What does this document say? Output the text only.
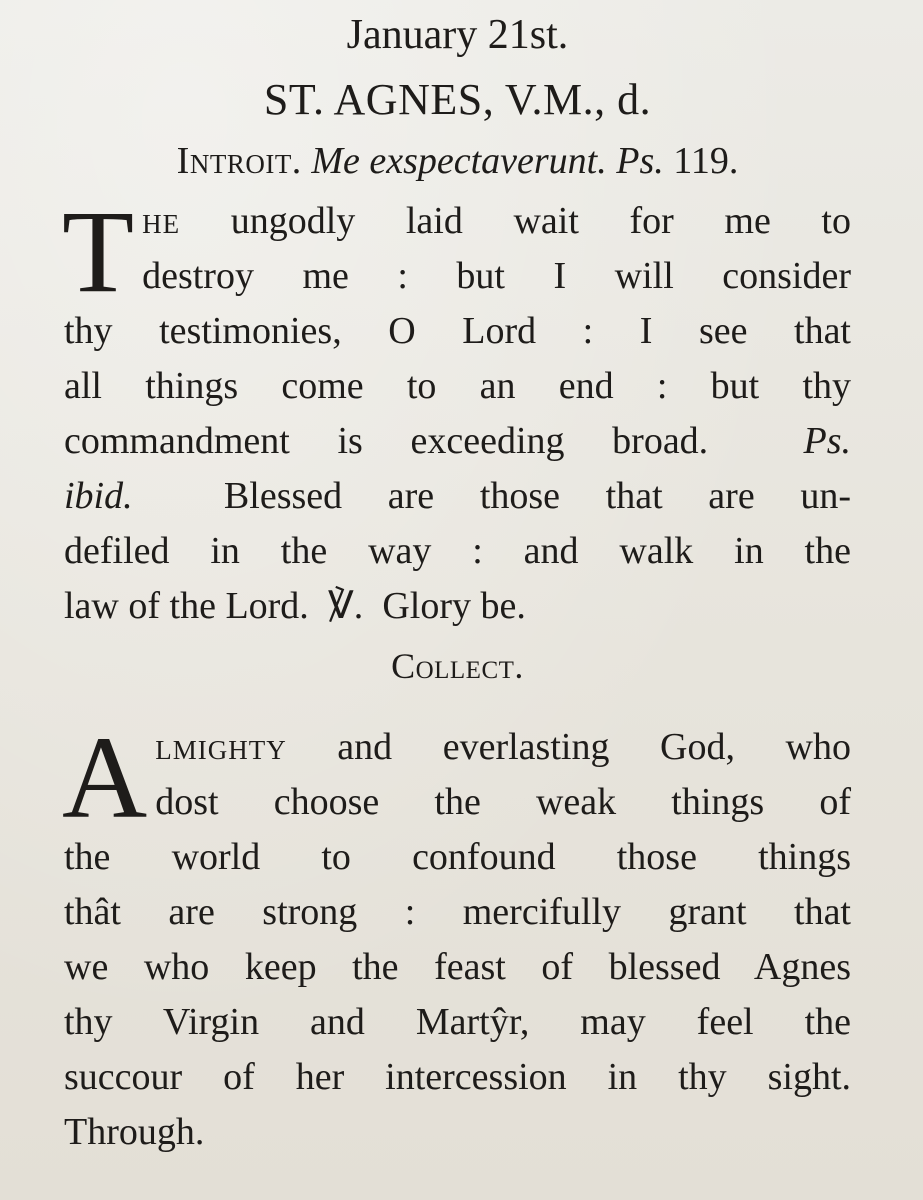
January 21st.
ST. AGNES, V.M., d.
Introit. Me exspectaverunt. Ps. 119.
T he ungodly laid wait for me to
destroy me : but I will consider
thy testimonies, O Lord : I see that
all things come to an end : but thy
commandment is exceeding broad.	Ps.
ibid. Blessed are those that are un-
defiled in the way : and walk in the
law of the Lord. ℣. Glory be.
Collect.
A lmighty and everlasting God, who
dost choose the weak things of
the world to confound those things
thât are strong : mercifully grant that
we who keep the feast of blessed Agnes
thy Virgin and Martŷr, may feel the
succour of her intercession in thy sight.
Through.
